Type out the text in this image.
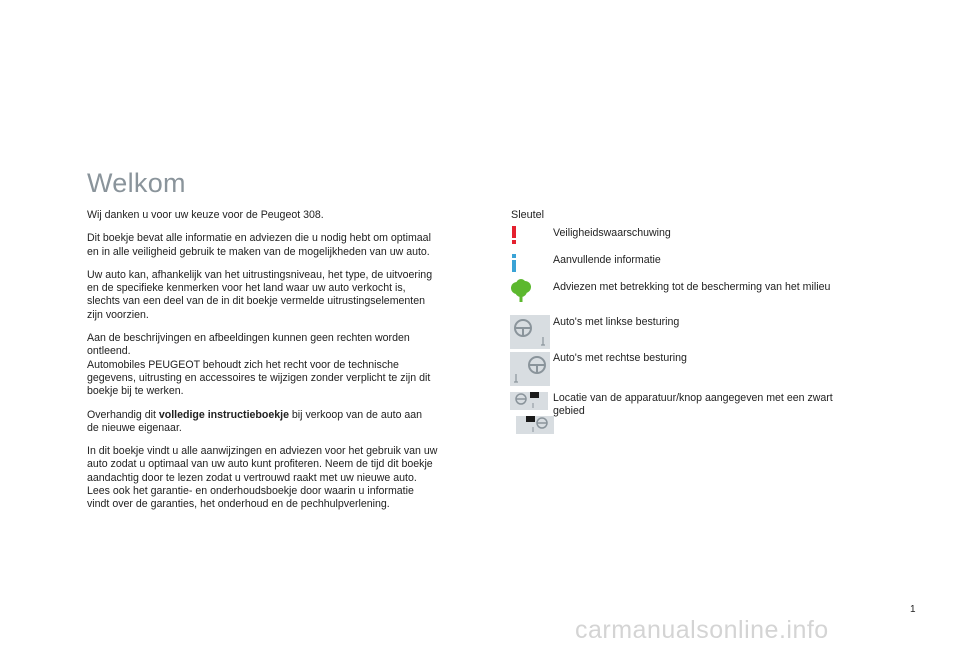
Welkom

Wij danken u voor uw keuze voor de Peugeot 308.

Dit boekje bevat alle informatie en adviezen die u nodig hebt om optimaal
en in alle veiligheid gebruik te maken van de mogelijkheden van uw auto.

Uw auto kan, afhankelijk van het uitrustingsniveau, het type, de uitvoering
en de specifieke kenmerken voor het land waar uw auto verkocht is,
slechts van een deel van de in dit boekje vermelde uitrustingselementen
zijn voorzien.

Aan de beschrijvingen en afbeeldingen kunnen geen rechten worden
ontleend.
Automobiles PEUGEOT behoudt zich het recht voor de technische
gegevens, uitrusting en accessoires te wijzigen zonder verplicht te zijn dit
boekje bij te werken.

Overhandig dit volledige instructieboekje bij verkoop van de auto aan
de nieuwe eigenaar.

In dit boekje vindt u alle aanwijzingen en adviezen voor het gebruik van uw
auto zodat u optimaal van uw auto kunt profiteren. Neem de tijd dit boekje
aandachtig door te lezen zodat u vertrouwd raakt met uw nieuwe auto.
Lees ook het garantie- en onderhoudsboekje door waarin u informatie
vindt over de garanties, het onderhoud en de pechhulpverlening.

Sleutel
Veiligheidswaarschuwing
Aanvullende informatie
Adviezen met betrekking tot de bescherming van het milieu
Auto's met linkse besturing
Auto's met rechtse besturing
Locatie van de apparatuur/knop aangegeven met een zwart
gebied
1
carmanualsonline.info
